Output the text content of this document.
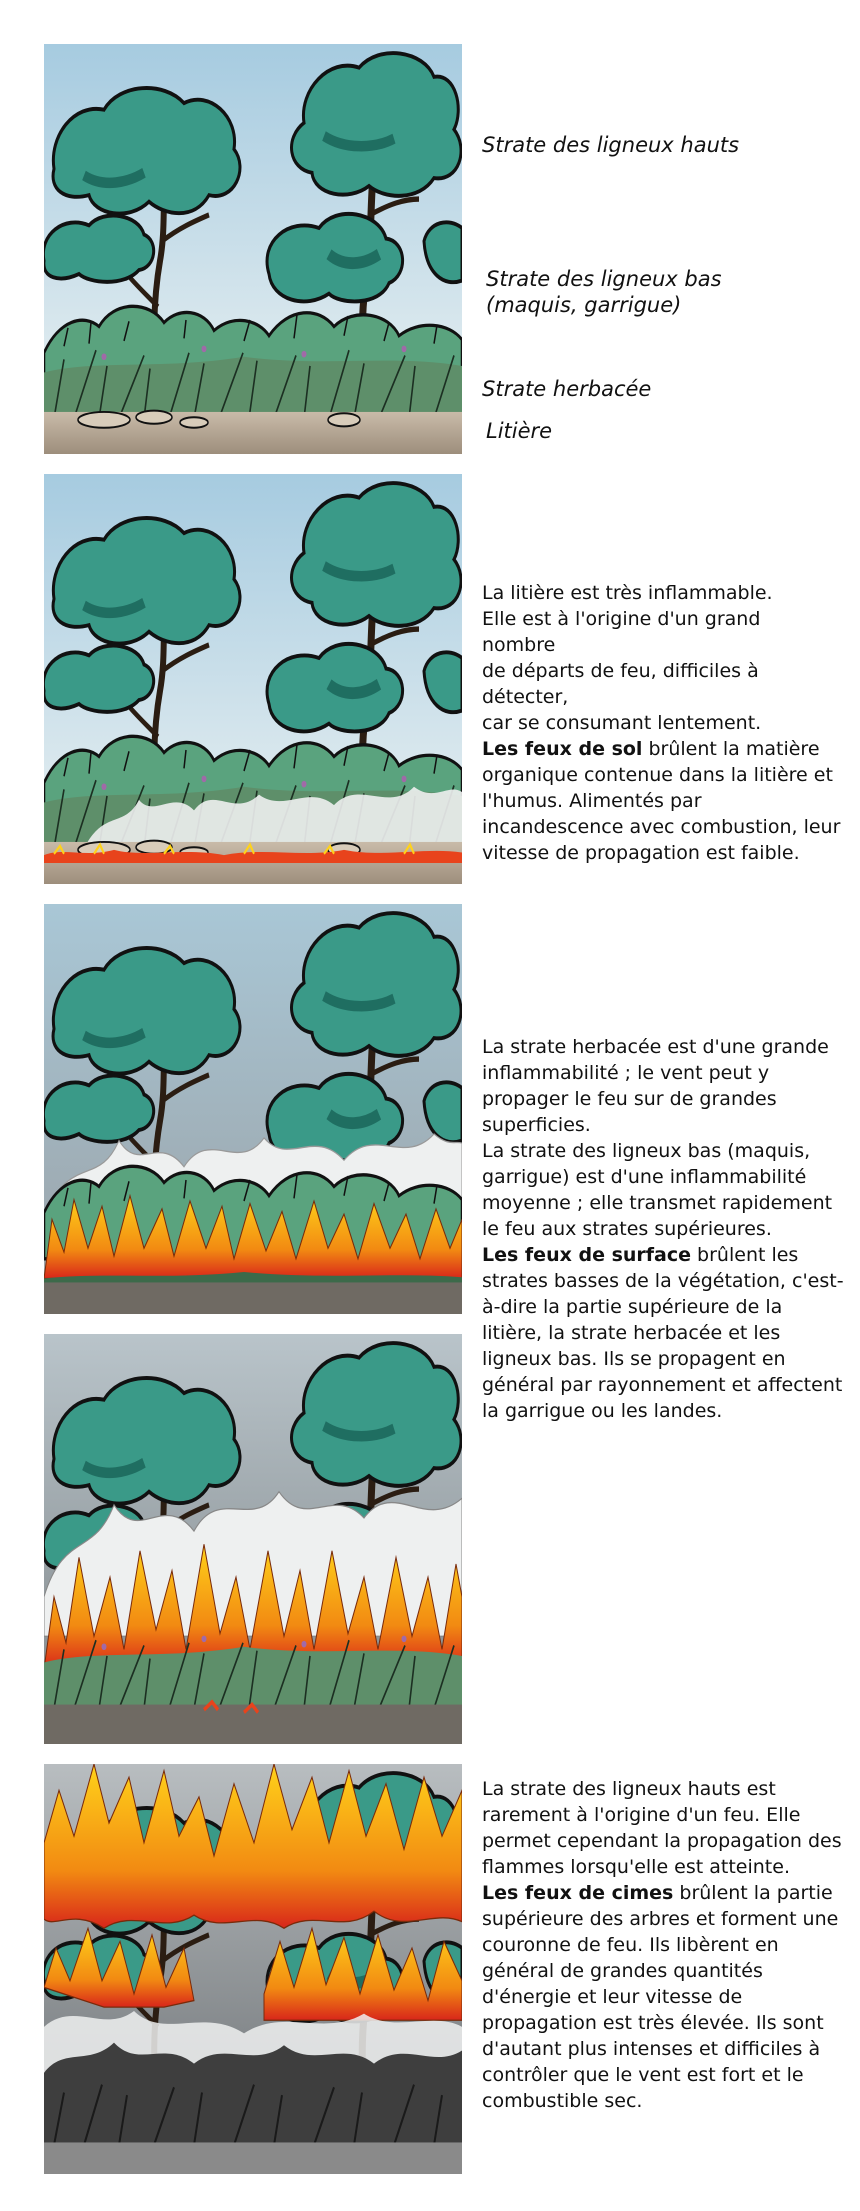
Strate des ligneux hauts
Strate des ligneux bas
(maquis, garrigue)
Strate herbacée
Litière

La litière est très inflammable.

Elle est à l'origine d'un grand

nombre

de départs de feu, difficiles à

détecter,

car se consumant lentement.

Les feux de sol brûlent la matière organique contenue dans la litière et l'humus. Alimentés par incandescence avec combustion, leur vitesse de propagation est faible.

La strate herbacée est d'une grande inflammabilité ; le vent peut y propager le feu sur de grandes superficies.

La strate des ligneux bas (maquis, garrigue) est d'une inflammabilité moyenne ; elle transmet rapidement le feu aux strates supérieures.

Les feux de surface brûlent les strates basses de la végétation, c'est-à-dire la partie supérieure de la litière, la strate herbacée et les ligneux bas. Ils se propagent en général par rayonnement et affectent la garrigue ou les landes.

La strate des ligneux hauts est rarement à l'origine d'un feu. Elle permet cependant la propagation des flammes lorsqu'elle est atteinte.

Les feux de cimes brûlent la partie supérieure des arbres et forment une couronne de feu. Ils libèrent en général de grandes quantités d'énergie et leur vitesse de propagation est très élevée. Ils sont d'autant plus intenses et difficiles à contrôler que le vent est fort et le combustible sec.
